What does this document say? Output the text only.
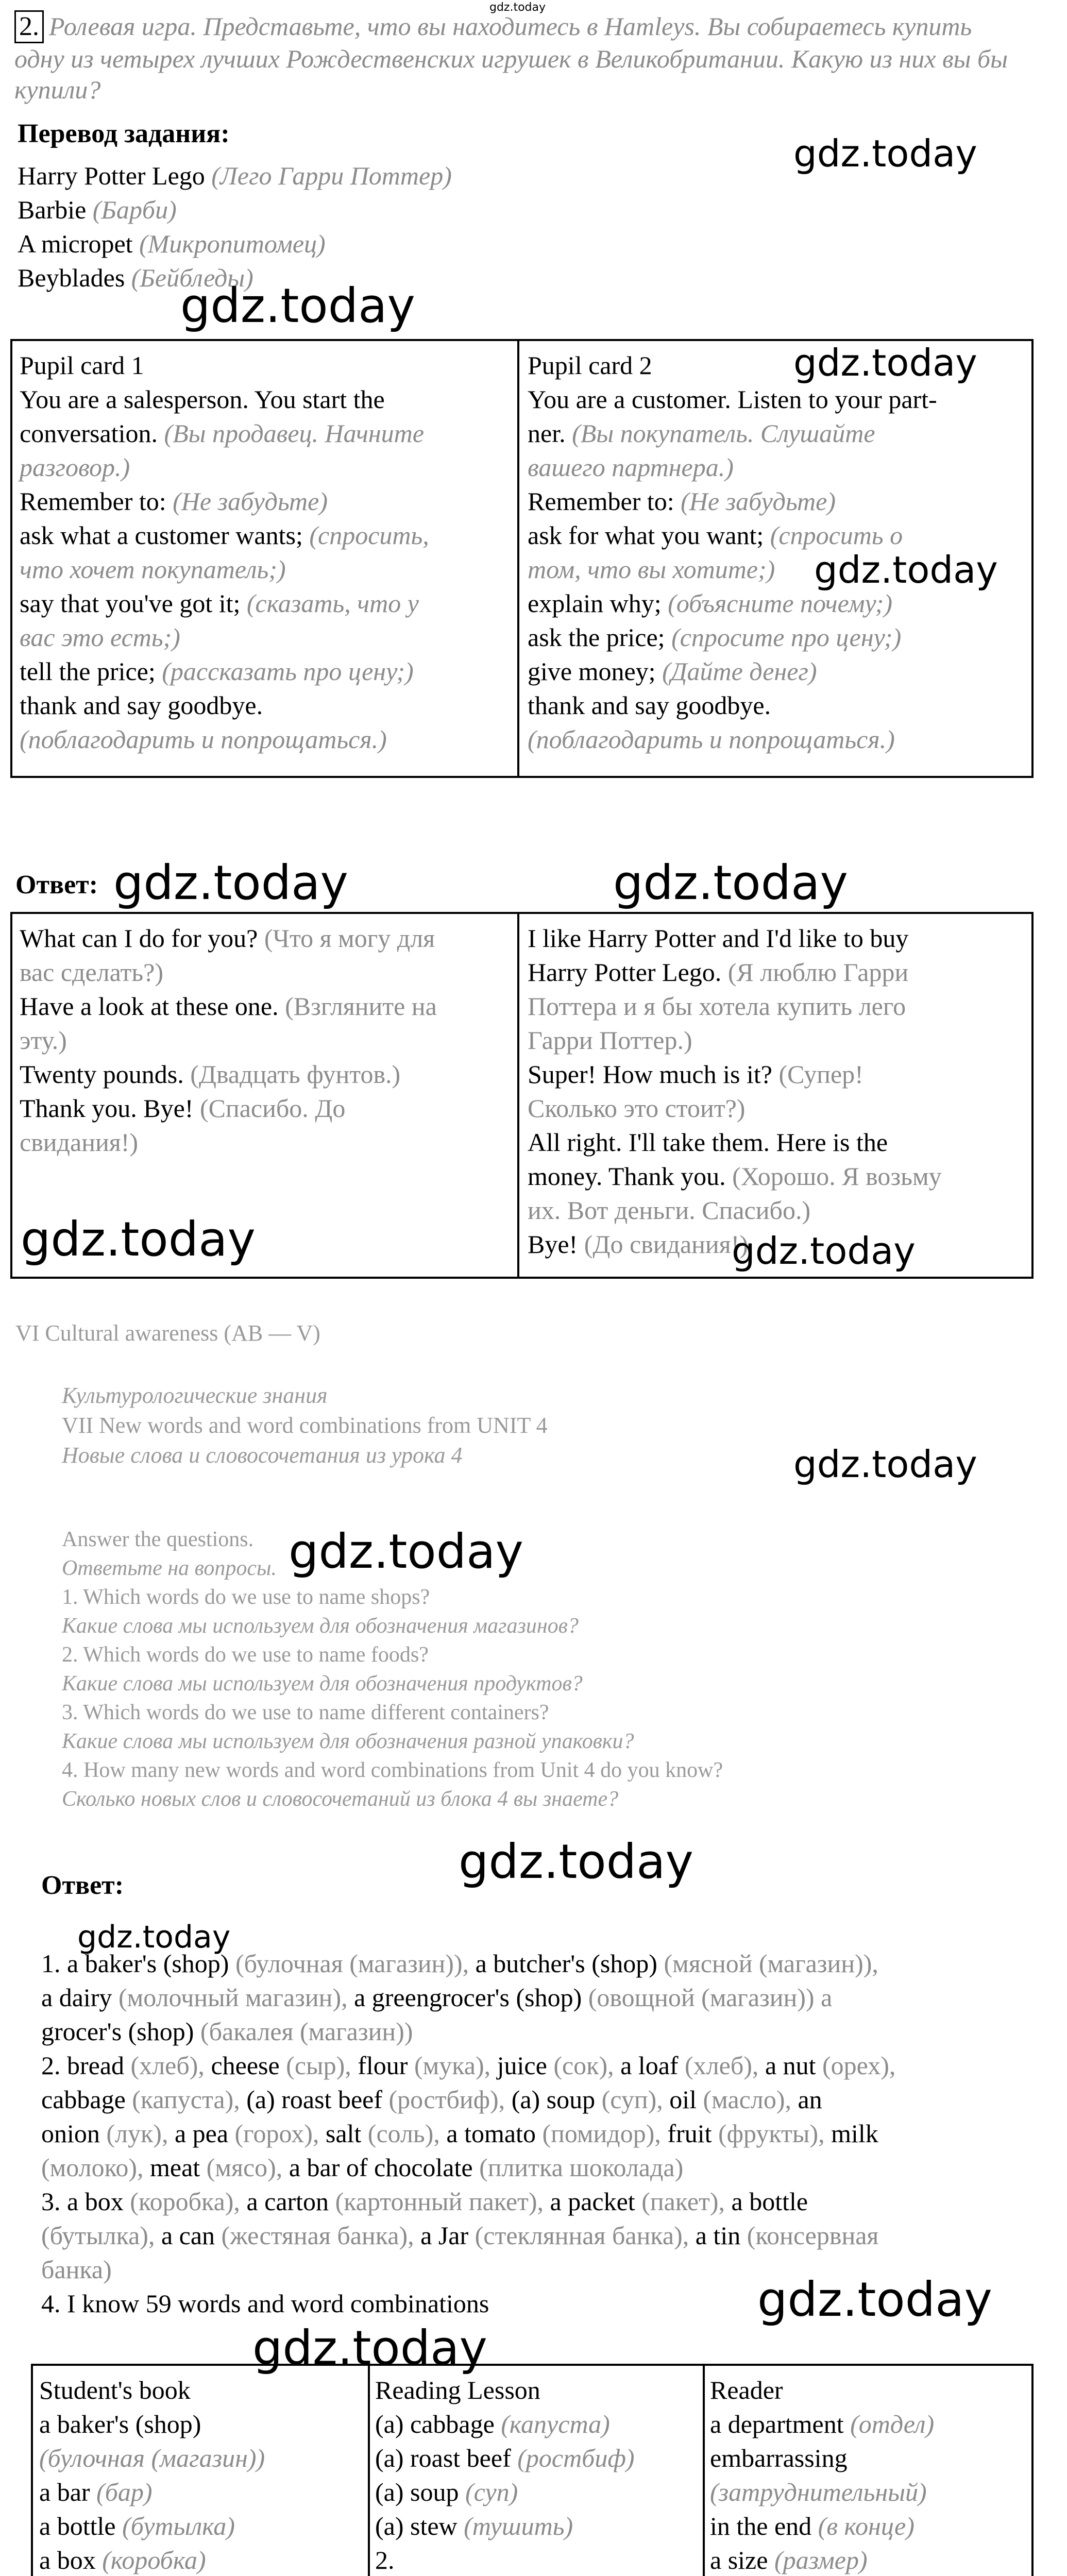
gdz.today
2. Ролевая игра. Представьте, что вы находитесь в Hamleys. Вы собираетесь купить
одну из четырех лучших Рождественских игрушек в Великобритании. Какую из них вы бы
купили?
Перевод задания:
Harry Potter Lego (Лего Гарри Поттер)
Barbie (Барби)
A micropet (Микропитомец)
Beyblades (Бейбледы)
Pupil card 1
You are a salesperson. You start the
conversation. (Вы продавец. Начните
разговор.)
Remember to: (Не забудьте)
ask what a customer wants; (спросить,
что хочет покупатель;)
say that you've got it; (сказать, что у
вас это есть;)
tell the price; (рассказать про цену;)
thank and say goodbye.
(поблагодарить и попрощаться.)
Pupil card 2
You are a customer. Listen to your part-
ner. (Вы покупатель. Слушайте
вашего партнера.)
Remember to: (Не забудьте)
ask for what you want; (спросить о
том, что вы хотите;)
explain why; (объясните почему;)
ask the price; (спросите про цену;)
give money; (Дайте денег)
thank and say goodbye.
(поблагодарить и попрощаться.)
Ответ:
What can I do for you? (Что я могу для
вас сделать?)
Have a look at these one. (Взгляните на
эту.)
Twenty pounds. (Двадцать фунтов.)
Thank you. Bye! (Спасибо. До
свидания!)
I like Harry Potter and I'd like to buy
Harry Potter Lego. (Я люблю Гарри
Поттера и я бы хотела купить лего
Гарри Поттер.)
Super! How much is it? (Супер!
Сколько это стоит?)
All right. I'll take them. Here is the
money. Thank you. (Хорошо. Я возьму
их. Вот деньги. Спасибо.)
Bye! (До свидания!)
VI Cultural awareness (AB — V)
Культурологические знания
VII New words and word combinations from UNIT 4
Новые слова и словосочетания из урока 4
Answer the questions.
Ответьте на вопросы.
1. Which words do we use to name shops?
Какие слова мы используем для обозначения магазинов?
2. Which words do we use to name foods?
Какие слова мы используем для обозначения продуктов?
3. Which words do we use to name different containers?
Какие слова мы используем для обозначения разной упаковки?
4. How many new words and word combinations from Unit 4 do you know?
Сколько новых слов и словосочетаний из блока 4 вы знаете?
Ответ:
1. a baker's (shop) (булочная (магазин)), a butcher's (shop) (мясной (магазин)),
a dairy (молочный магазин), a greengrocer's (shop) (овощной (магазин)) a
grocer's (shop) (бакалея (магазин))
2. bread (хлеб), cheese (сыр), flour (мука), juice (сок), a loaf (хлеб), a nut (орех),
cabbage (капуста), (a) roast beef (ростбиф), (a) soup (суп), oil (масло), an
onion (лук), a pea (горох), salt (соль), a tomato (помидор), fruit (фрукты), milk
(молоко), meat (мясо), a bar of chocolate (плитка шоколада)
3. a box (коробка), a carton (картонный пакет), a packet (пакет), a bottle
(бутылка), a can (жестяная банка), a Jar (стеклянная банка), a tin (консервная
банка)
4. I know 59 words and word combinations
Student's book
a baker's (shop)
(булочная (магазин))
a bar (бар)
a bottle (бутылка)
a box (коробка)
Reading Lesson
(a) cabbage (капуста)
(a) roast beef (ростбиф)
(a) soup (суп)
(a) stew (тушить)
2.
Reader
a department (отдел)
embarrassing
(затруднительный)
in the end (в конце)
a size (размер)
gdz.today
gdz.today
gdz.today
gdz.today
gdz.today	gdz.today
gdz.today	gdz.today
gdz.today
gdz.today
gdz.today
gdz.today
gdz.today
gdz.today
